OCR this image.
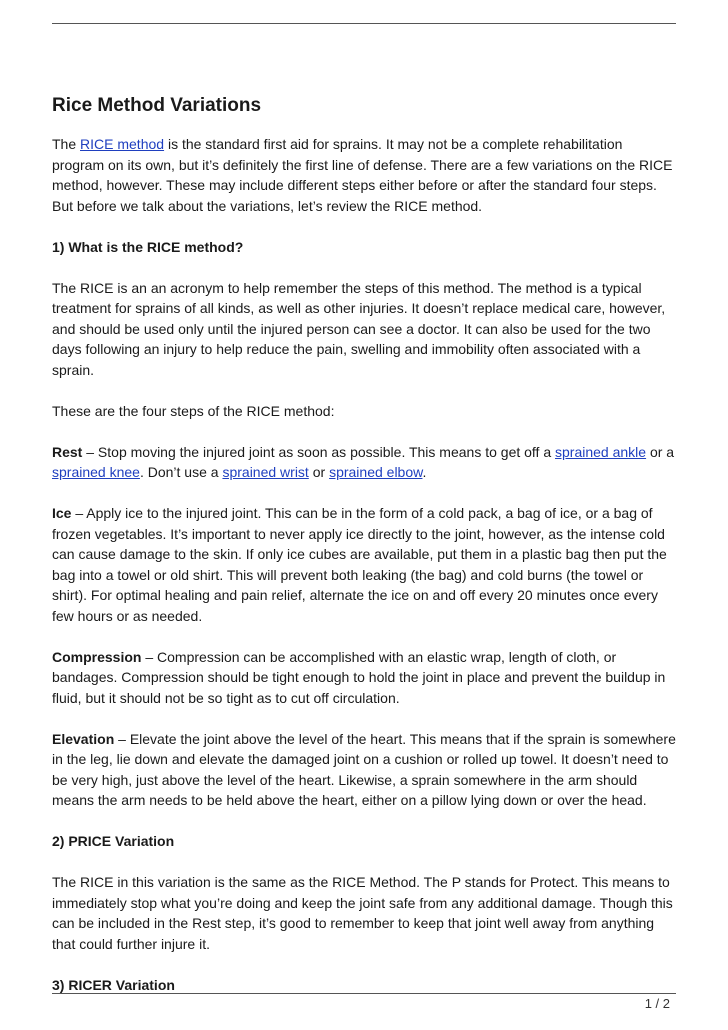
Rice Method Variations

The RICE method is the standard first aid for sprains. It may not be a complete rehabilitation program on its own, but it’s definitely the first line of defense. There are a few variations on the RICE method, however. These may include different steps either before or after the standard four steps. But before we talk about the variations, let’s review the RICE method.

1) What is the RICE method?

The RICE is an an acronym to help remember the steps of this method. The method is a typical treatment for sprains of all kinds, as well as other injuries. It doesn’t replace medical care, however, and should be used only until the injured person can see a doctor. It can also be used for the two days following an injury to help reduce the pain, swelling and immobility often associated with a sprain.

These are the four steps of the RICE method:

Rest – Stop moving the injured joint as soon as possible. This means to get off a sprained ankle or a sprained knee. Don’t use a sprained wrist or sprained elbow.

Ice – Apply ice to the injured joint. This can be in the form of a cold pack, a bag of ice, or a bag of frozen vegetables. It’s important to never apply ice directly to the joint, however, as the intense cold can cause damage to the skin. If only ice cubes are available, put them in a plastic bag then put the bag into a towel or old shirt. This will prevent both leaking (the bag) and cold burns (the towel or shirt). For optimal healing and pain relief, alternate the ice on and off every 20 minutes once every few hours or as needed.

Compression – Compression can be accomplished with an elastic wrap, length of cloth, or bandages. Compression should be tight enough to hold the joint in place and prevent the buildup in fluid, but it should not be so tight as to cut off circulation.

Elevation – Elevate the joint above the level of the heart. This means that if the sprain is somewhere in the leg, lie down and elevate the damaged joint on a cushion or rolled up towel. It doesn’t need to be very high, just above the level of the heart. Likewise, a sprain somewhere in the arm should means the arm needs to be held above the heart, either on a pillow lying down or over the head.

2) PRICE Variation

The RICE in this variation is the same as the RICE Method. The P stands for Protect. This means to immediately stop what you’re doing and keep the joint safe from any additional damage. Though this can be included in the Rest step, it’s good to remember to keep that joint well away from anything that could further injure it.

3) RICER Variation
1 / 2
